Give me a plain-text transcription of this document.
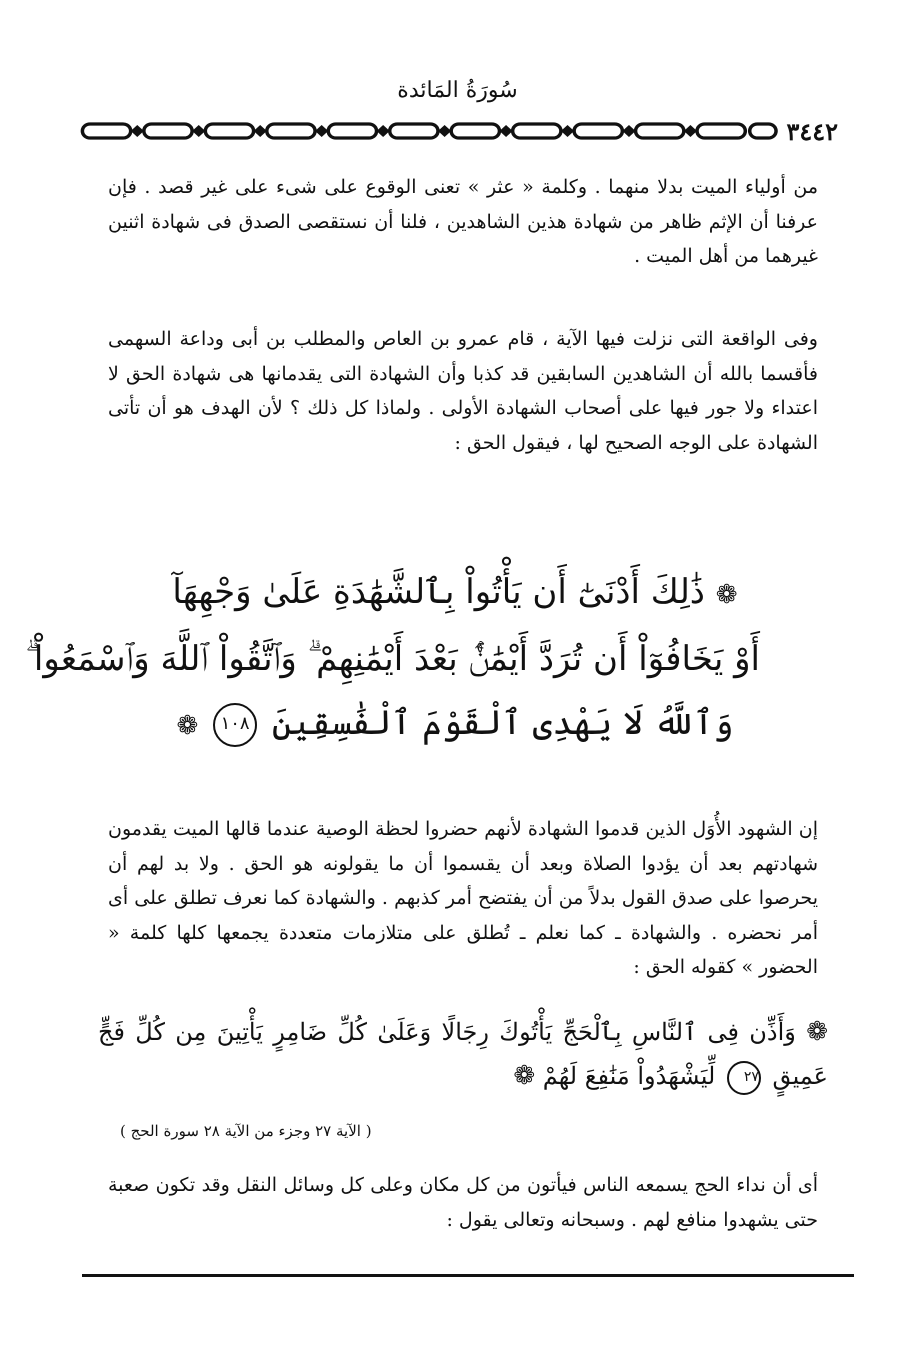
سُورَةُ المَائدة
٣٤٤٢

من أولياء الميت بدلا منهما . وكلمة « عثر » تعنى الوقوع على شىء على غير قصد . فإن عرفنا أن الإثم ظاهر من شهادة هذين الشاهدين ، فلنا أن نستقصى الصدق فى شهادة اثنين غيرهما من أهل الميت .

وفى الواقعة التى نزلت فيها الآية ، قام عمرو بن العاص والمطلب بن أبى وداعة السهمى فأقسما بالله أن الشاهدين السابقين قد كذبا وأن الشهادة التى يقدمانها هى شهادة الحق لا اعتداء ولا جور فيها على أصحاب الشهادة الأولى . ولماذا كل ذلك ؟ لأن الهدف هو أن تأتى الشهادة على الوجه الصحيح لها ، فيقول الحق :

❁ ذَٰلِكَ أَدْنَىٰٓ أَن يَأْتُواْ بِٱلشَّهَٰدَةِ عَلَىٰ وَجْهِهَآ
أَوْ يَخَافُوٓاْ أَن تُرَدَّ أَيْمَٰنٌۢ بَعْدَ أَيْمَٰنِهِمْ ۗ وَٱتَّقُواْ ٱللَّهَ وَٱسْمَعُواْ ۗ
وَٱللَّهُ لَا يَهْدِى ٱلْقَوْمَ ٱلْفَٰسِقِينَ ١٠٨ ❁

إن الشهود الأُوَل الذين قدموا الشهادة لأنهم حضروا لحظة الوصية عندما قالها الميت يقدمون شهادتهم بعد أن يؤدوا الصلاة وبعد أن يقسموا أن ما يقولونه هو الحق . ولا بد لهم أن يحرصوا على صدق القول بدلاً من أن يفتضح أمر كذبهم . والشهادة كما نعرف تطلق على أى أمر نحضره . والشهادة ـ كما نعلم ـ تُطلق على متلازمات متعددة يجمعها كلها كلمة « الحضور » كقوله الحق :

❁ وَأَذِّن فِى ٱلنَّاسِ بِٱلْحَجِّ يَأْتُوكَ رِجَالًا وَعَلَىٰ كُلِّ ضَامِرٍ يَأْتِينَ مِن كُلِّ فَجٍّ عَمِيقٍ ٢٧ لِّيَشْهَدُواْ مَنَٰفِعَ لَهُمْ ❁
( الآية ٢٧ وجزء من الآية ٢٨ سورة الحج )

أى أن نداء الحج يسمعه الناس فيأتون من كل مكان وعلى كل وسائل النقل وقد تكون صعبة حتى يشهدوا منافع لهم . وسبحانه وتعالى يقول :
